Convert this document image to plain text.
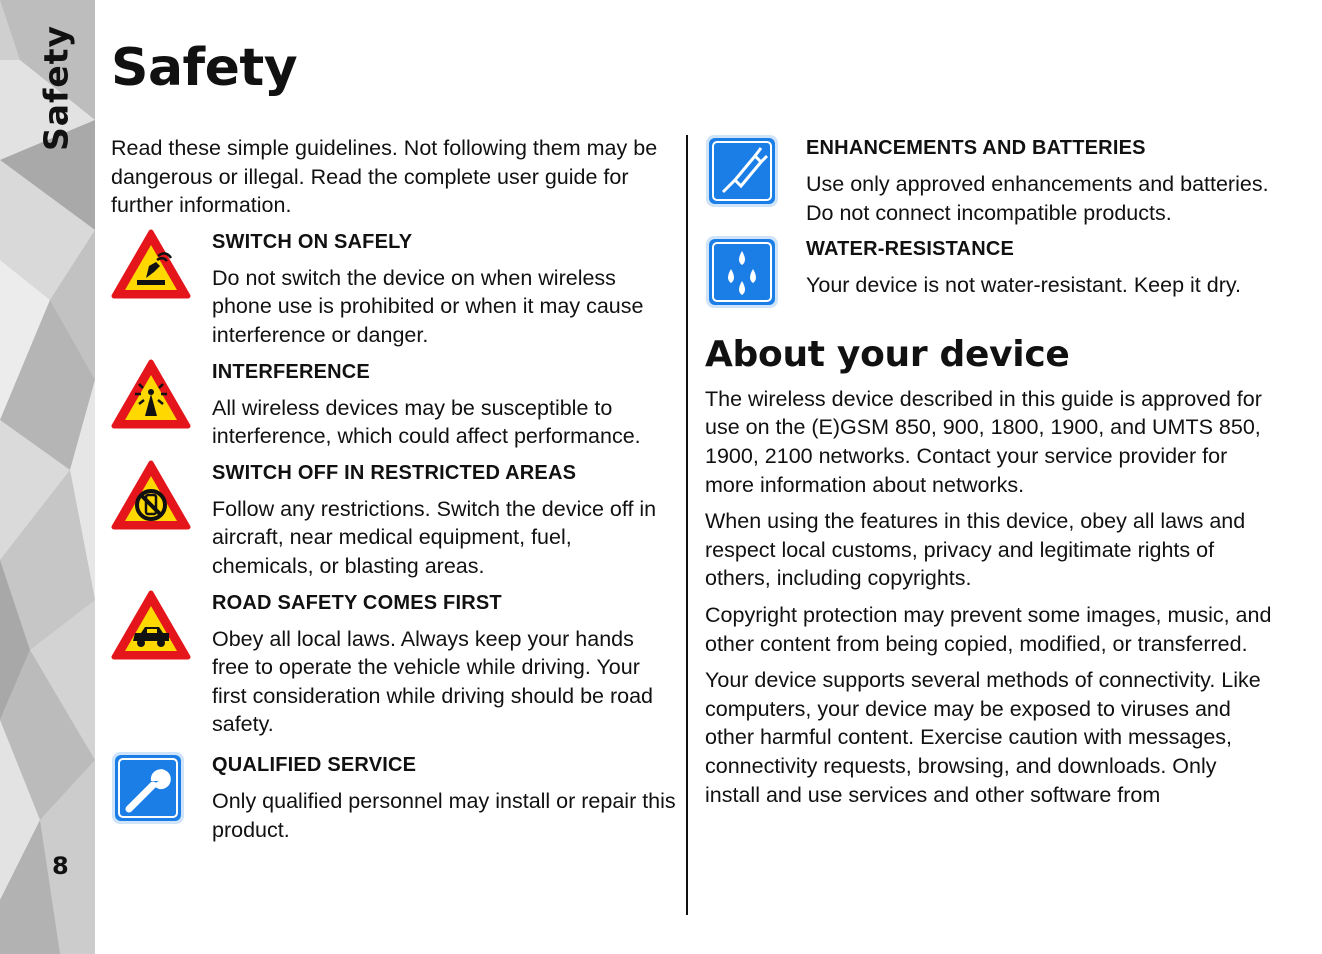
Safety
8
Safety

Read these simple guidelines. Not following them may be dangerous or illegal. Read the complete user guide for further information.

SWITCH ON SAFELY

Do not switch the device on when wireless phone use is prohibited or when it may cause interference or danger.

INTERFERENCE

All wireless devices may be susceptible to interference, which could affect performance.

SWITCH OFF IN RESTRICTED AREAS

Follow any restrictions. Switch the device off in aircraft, near medical equipment, fuel, chemicals, or blasting areas.

ROAD SAFETY COMES FIRST

Obey all local laws. Always keep your hands free to operate the vehicle while driving. Your first consideration while driving should be road safety.

QUALIFIED SERVICE

Only qualified personnel may install or repair this product.

ENHANCEMENTS AND BATTERIES

Use only approved enhancements and batteries. Do not connect incompatible products.

WATER-RESISTANCE

Your device is not water-resistant. Keep it dry.

About your device

The wireless device described in this guide is approved for use on the (E)GSM 850, 900, 1800, 1900, and UMTS 850, 1900, 2100 networks. Contact your service provider for more information about networks.

When using the features in this device, obey all laws and respect local customs, privacy and legitimate rights of others, including copyrights.

Copyright protection may prevent some images, music, and other content from being copied, modified, or transferred.

Your device supports several methods of connectivity. Like computers, your device may be exposed to viruses and other harmful content. Exercise caution with messages, connectivity requests, browsing, and downloads. Only install and use services and other software from
